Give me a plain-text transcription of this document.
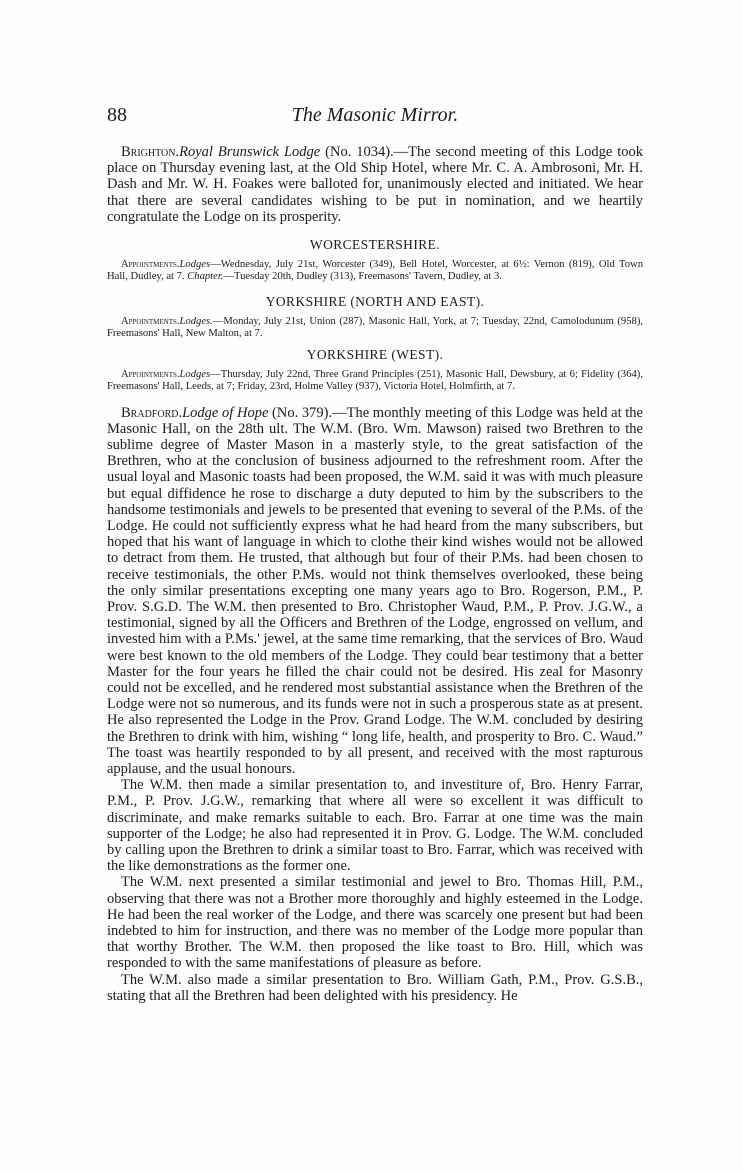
88	The Masonic Mirror.

Brighton.Royal Brunswick Lodge (No. 1034).—The second meeting of this Lodge took place on Thursday evening last, at the Old Ship Hotel, where Mr. C. A. Ambrosoni, Mr. H. Dash and Mr. W. H. Foakes were balloted for, unanimously elected and initiated. We hear that there are several candidates wishing to be put in nomination, and we heartily congratulate the Lodge on its prosperity.

WORCESTERSHIRE.

Appointments.Lodges—Wednesday, July 21st, Worcester (349), Bell Hotel, Worcester, at 6½: Vernon (819), Old Town Hall, Dudley, at 7. Chapter.—Tuesday 20th, Dudley (313), Freemasons' Tavern, Dudley, at 3.

YORKSHIRE (NORTH AND EAST).

Appointments.Lodges.—Monday, July 21st, Union (287), Masonic Hall, York, at 7; Tuesday, 22nd, Camolodunum (958), Freemasons' Hall, New Malton, at 7.

YORKSHIRE (WEST).

Appointments.Lodges—Thursday, July 22nd, Three Grand Principles (251), Masonic Hall, Dewsbury, at 6; Fidelity (364), Freemasons' Hall, Leeds, at 7; Friday, 23rd, Holme Valley (937), Victoria Hotel, Holmfirth, at 7.

Bradford.Lodge of Hope (No. 379).—The monthly meeting of this Lodge was held at the Masonic Hall, on the 28th ult. The W.M. (Bro. Wm. Mawson) raised two Brethren to the sublime degree of Master Mason in a masterly style, to the great satisfaction of the Brethren, who at the conclusion of business adjourned to the refreshment room. After the usual loyal and Masonic toasts had been proposed, the W.M. said it was with much pleasure but equal diffidence he rose to discharge a duty deputed to him by the subscribers to the handsome testimonials and jewels to be presented that evening to several of the P.Ms. of the Lodge. He could not sufficiently express what he had heard from the many subscribers, but hoped that his want of language in which to clothe their kind wishes would not be allowed to detract from them. He trusted, that although but four of their P.Ms. had been chosen to receive testimonials, the other P.Ms. would not think themselves overlooked, these being the only similar presentations excepting one many years ago to Bro. Rogerson, P.M., P. Prov. S.G.D. The W.M. then presented to Bro. Christopher Waud, P.M., P. Prov. J.G.W., a testimonial, signed by all the Officers and Brethren of the Lodge, engrossed on vellum, and invested him with a P.Ms.' jewel, at the same time remarking, that the services of Bro. Waud were best known to the old members of the Lodge. They could bear testimony that a better Master for the four years he filled the chair could not be desired. His zeal for Masonry could not be excelled, and he rendered most substantial assistance when the Brethren of the Lodge were not so numerous, and its funds were not in such a prosperous state as at present. He also represented the Lodge in the Prov. Grand Lodge. The W.M. concluded by desiring the Brethren to drink with him, wishing “ long life, health, and prosperity to Bro. C. Waud.” The toast was heartily responded to by all present, and received with the most rapturous applause, and the usual honours.

The W.M. then made a similar presentation to, and investiture of, Bro. Henry Farrar, P.M., P. Prov. J.G.W., remarking that where all were so excellent it was difficult to discriminate, and make remarks suitable to each. Bro. Farrar at one time was the main supporter of the Lodge; he also had represented it in Prov. G. Lodge. The W.M. concluded by calling upon the Brethren to drink a similar toast to Bro. Farrar, which was received with the like demonstrations as the former one.

The W.M. next presented a similar testimonial and jewel to Bro. Thomas Hill, P.M., observing that there was not a Brother more thoroughly and highly esteemed in the Lodge. He had been the real worker of the Lodge, and there was scarcely one present but had been indebted to him for instruction, and there was no member of the Lodge more popular than that worthy Brother. The W.M. then proposed the like toast to Bro. Hill, which was responded to with the same manifestations of pleasure as before.

The W.M. also made a similar presentation to Bro. William Gath, P.M., Prov. G.S.B., stating that all the Brethren had been delighted with his presidency. He
